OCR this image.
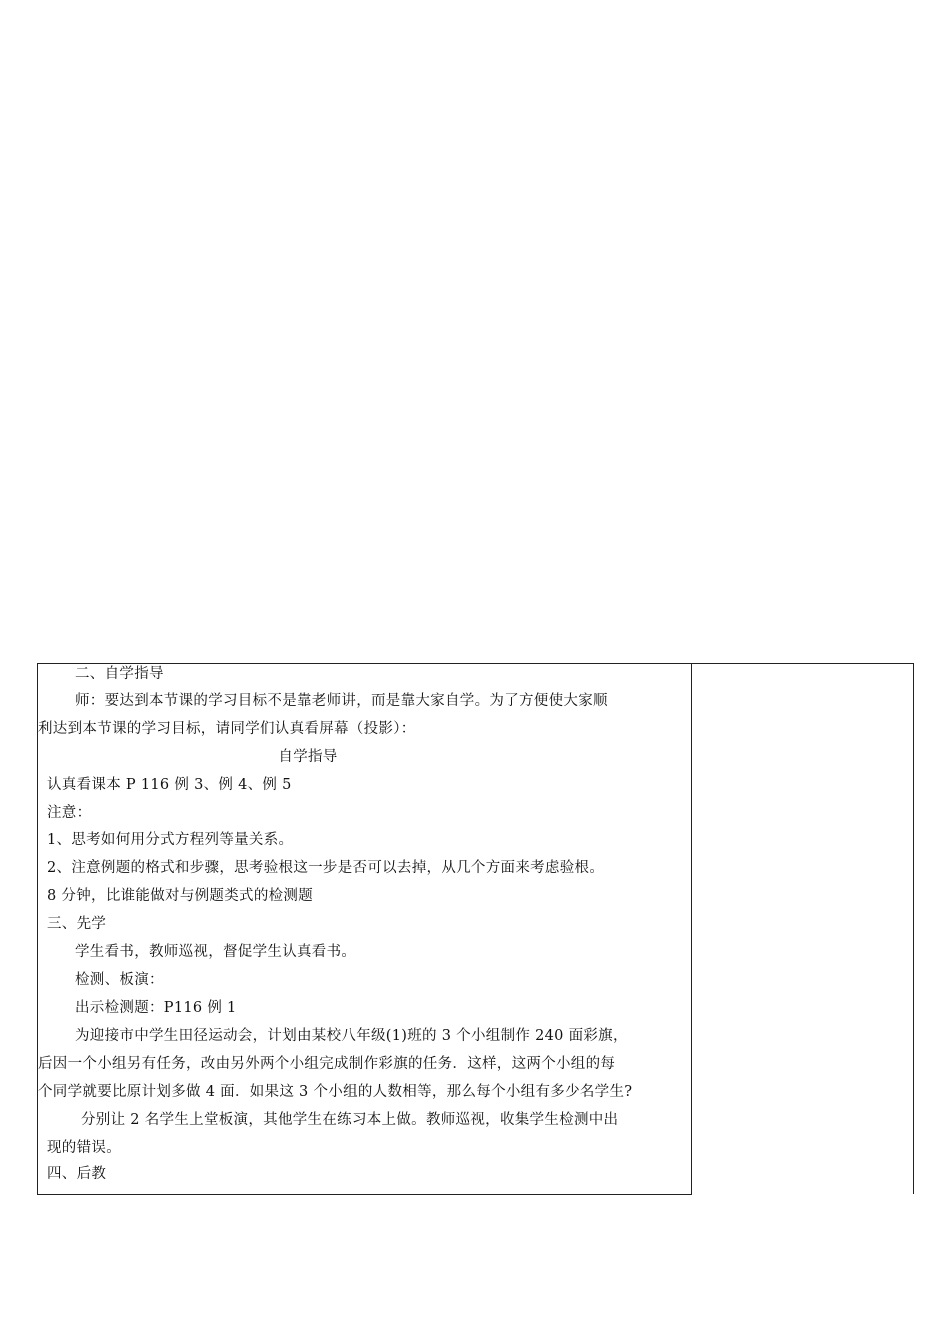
二、自学指导
师：要达到本节课的学习目标不是靠老师讲，而是靠大家自学。为了方便使大家顺
利达到本节课的学习目标，请同学们认真看屏幕（投影）：
自学指导
认真看课本 P 116 例 3、例 4、例 5
注意：
1、思考如何用分式方程列等量关系。
2、注意例题的格式和步骤，思考验根这一步是否可以去掉，从几个方面来考虑验根。
8 分钟，比谁能做对与例题类式的检测题
三、先学
学生看书，教师巡视，督促学生认真看书。
检测、板演：
出示检测题：P116 例 1
为迎接市中学生田径运动会，计划由某校八年级(1)班的 3 个小组制作 240 面彩旗，
后因一个小组另有任务，改由另外两个小组完成制作彩旗的任务．这样，这两个小组的每
个同学就要比原计划多做 4 面．如果这 3 个小组的人数相等，那么每个小组有多少名学生?
分别让 2 名学生上堂板演，其他学生在练习本上做。教师巡视，收集学生检测中出
现的错误。
四、后教
